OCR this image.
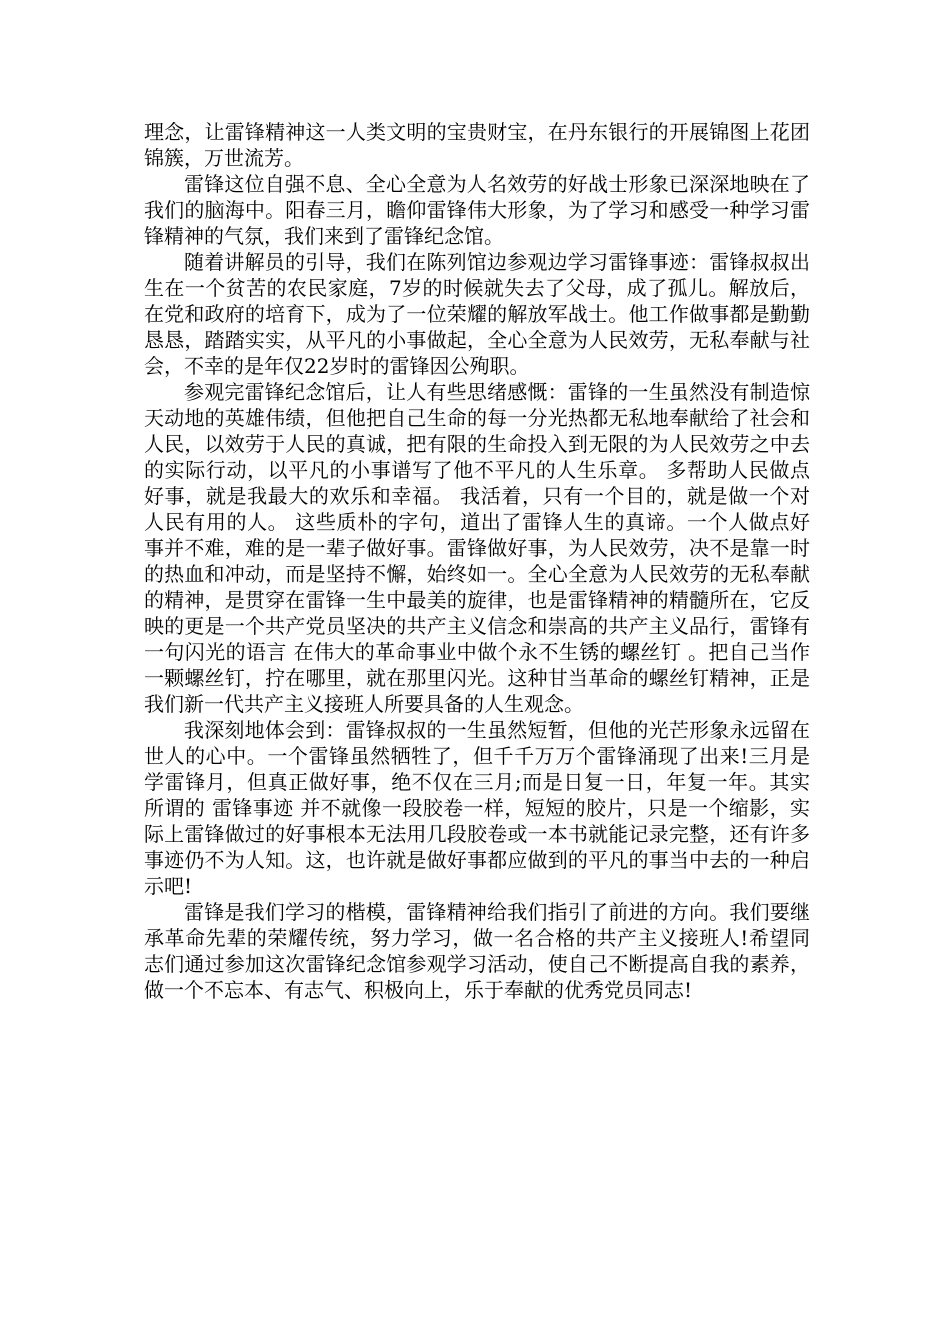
理念，让雷锋精神这一人类文明的宝贵财宝，在丹东银行的开展锦图上花团锦簇，万世流芳。

雷锋这位自强不息、全心全意为人名效劳的好战士形象已深深地映在了我们的脑海中。阳春三月，瞻仰雷锋伟大形象，为了学习和感受一种学习雷锋精神的气氛，我们来到了雷锋纪念馆。

随着讲解员的引导，我们在陈列馆边参观边学习雷锋事迹：雷锋叔叔出生在一个贫苦的农民家庭，7岁的时候就失去了父母，成了孤儿。解放后，在党和政府的培育下，成为了一位荣耀的解放军战士。他工作做事都是勤勤恳恳，踏踏实实，从平凡的小事做起，全心全意为人民效劳，无私奉献与社会，不幸的是年仅22岁时的雷锋因公殉职。

参观完雷锋纪念馆后，让人有些思绪感慨：雷锋的一生虽然没有制造惊天动地的英雄伟绩，但他把自己生命的每一分光热都无私地奉献给了社会和人民，以效劳于人民的真诚，把有限的生命投入到无限的为人民效劳之中去的实际行动，以平凡的小事谱写了他不平凡的人生乐章。 多帮助人民做点好事，就是我最大的欢乐和幸福。 我活着，只有一个目的，就是做一个对人民有用的人。 这些质朴的字句，道出了雷锋人生的真谛。一个人做点好事并不难，难的是一辈子做好事。雷锋做好事，为人民效劳，决不是靠一时的热血和冲动，而是坚持不懈，始终如一。全心全意为人民效劳的无私奉献的精神，是贯穿在雷锋一生中最美的旋律，也是雷锋精神的精髓所在，它反映的更是一个共产党员坚决的共产主义信念和崇高的共产主义品行，雷锋有一句闪光的语言 在伟大的革命事业中做个永不生锈的螺丝钉 。把自己当作一颗螺丝钉，拧在哪里，就在那里闪光。这种甘当革命的螺丝钉精神，正是我们新一代共产主义接班人所要具备的人生观念。

我深刻地体会到：雷锋叔叔的一生虽然短暂，但他的光芒形象永远留在世人的心中。一个雷锋虽然牺牲了，但千千万万个雷锋涌现了出来!三月是学雷锋月，但真正做好事，绝不仅在三月;而是日复一日，年复一年。其实所谓的 雷锋事迹 并不就像一段胶卷一样，短短的胶片，只是一个缩影，实际上雷锋做过的好事根本无法用几段胶卷或一本书就能记录完整，还有许多事迹仍不为人知。这，也许就是做好事都应做到的平凡的事当中去的一种启示吧!

雷锋是我们学习的楷模，雷锋精神给我们指引了前进的方向。我们要继承革命先辈的荣耀传统，努力学习，做一名合格的共产主义接班人!希望同志们通过参加这次雷锋纪念馆参观学习活动，使自己不断提高自我的素养，做一个不忘本、有志气、积极向上，乐于奉献的优秀党员同志!
